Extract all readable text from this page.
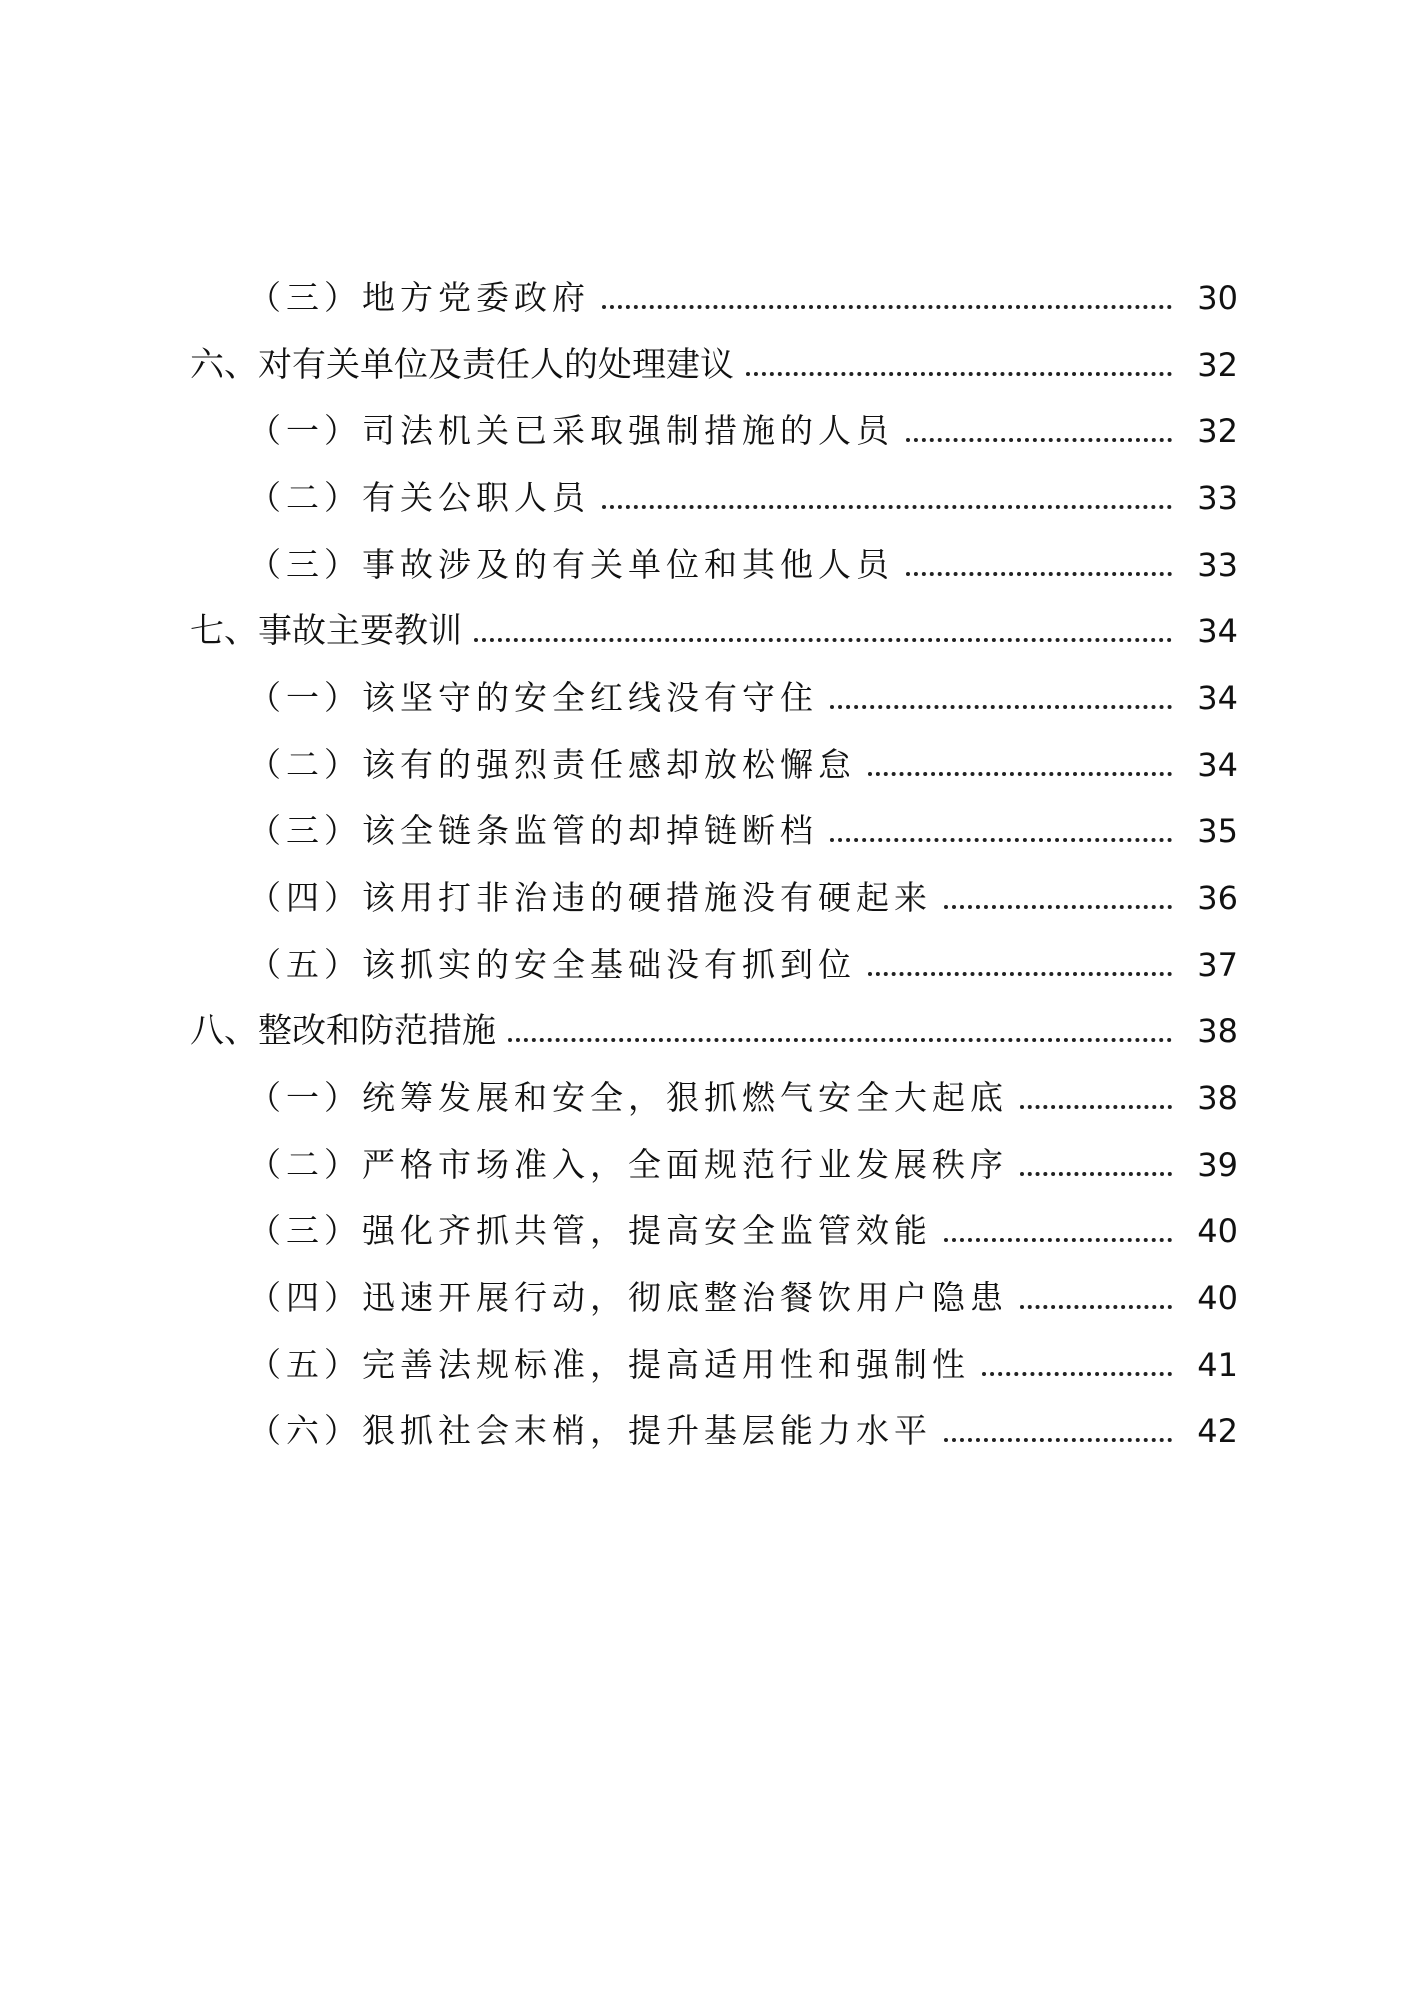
（三）地方党委政府	30
六、对有关单位及责任人的处理建议	32
（一）司法机关已采取强制措施的人员	32
（二）有关公职人员	33
（三）事故涉及的有关单位和其他人员	33
七、事故主要教训	34
（一）该坚守的安全红线没有守住	34
（二）该有的强烈责任感却放松懈怠	34
（三）该全链条监管的却掉链断档	35
（四）该用打非治违的硬措施没有硬起来	36
（五）该抓实的安全基础没有抓到位	37
八、整改和防范措施	38
（一）统筹发展和安全，狠抓燃气安全大起底	38
（二）严格市场准入，全面规范行业发展秩序	39
（三）强化齐抓共管，提高安全监管效能	40
（四）迅速开展行动，彻底整治餐饮用户隐患	40
（五）完善法规标准，提高适用性和强制性	41
（六）狠抓社会末梢，提升基层能力水平	42
